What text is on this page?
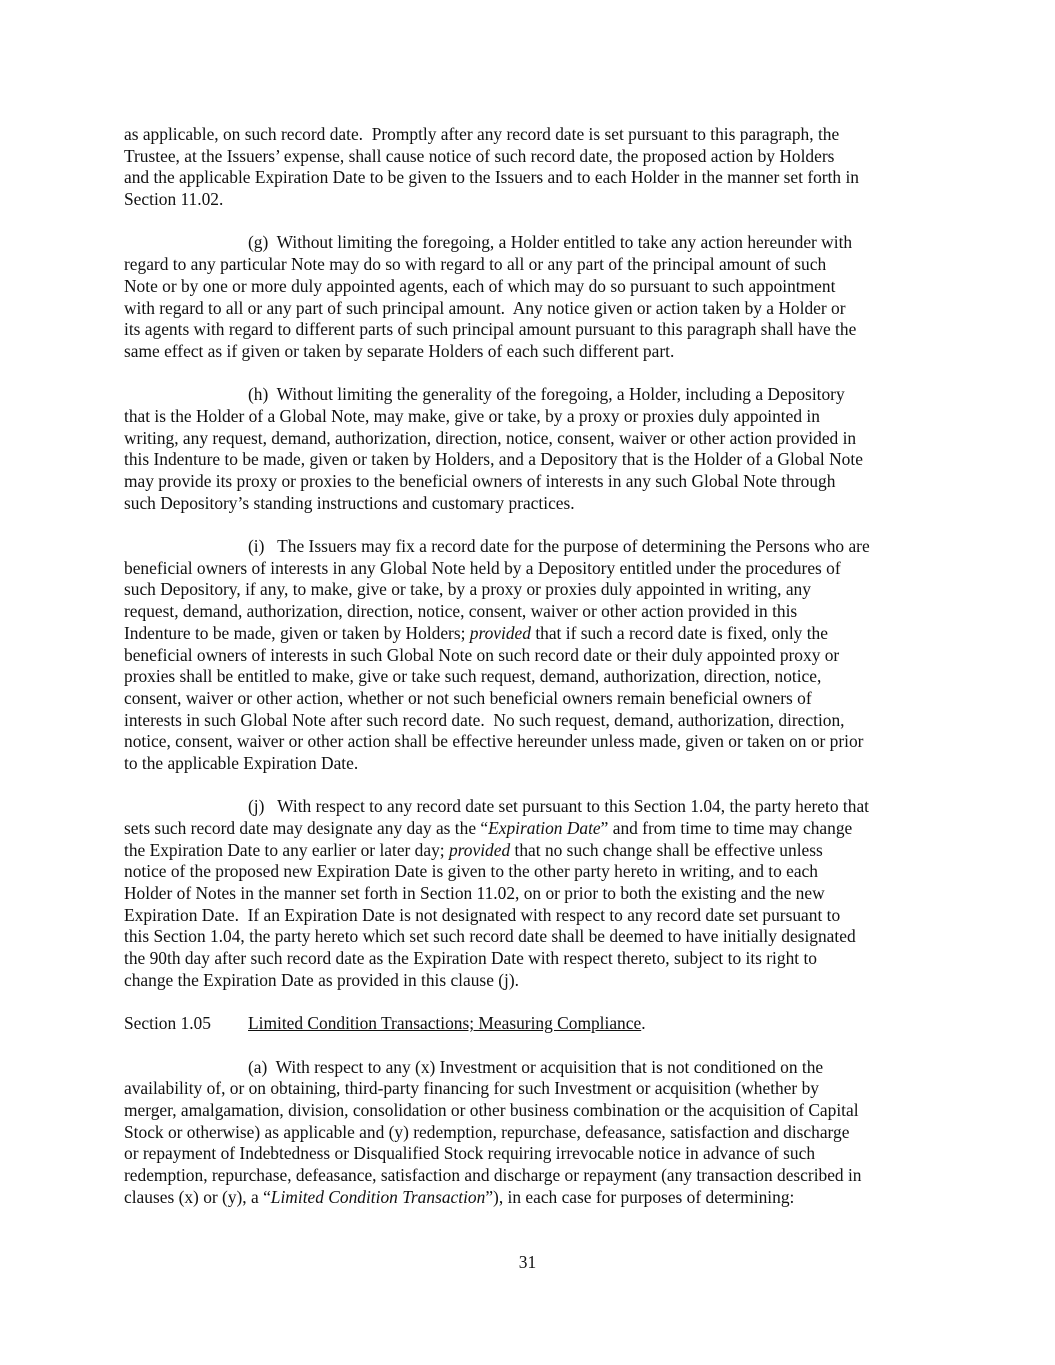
as applicable, on such record date.  Promptly after any record date is set pursuant to this paragraph, the
Trustee, at the Issuers’ expense, shall cause notice of such record date, the proposed action by Holders
and the applicable Expiration Date to be given to the Issuers and to each Holder in the manner set forth in
Section 11.02.
(g)  Without limiting the foregoing, a Holder entitled to take any action hereunder with
regard to any particular Note may do so with regard to all or any part of the principal amount of such
Note or by one or more duly appointed agents, each of which may do so pursuant to such appointment
with regard to all or any part of such principal amount.  Any notice given or action taken by a Holder or
its agents with regard to different parts of such principal amount pursuant to this paragraph shall have the
same effect as if given or taken by separate Holders of each such different part.
(h)  Without limiting the generality of the foregoing, a Holder, including a Depository
that is the Holder of a Global Note, may make, give or take, by a proxy or proxies duly appointed in
writing, any request, demand, authorization, direction, notice, consent, waiver or other action provided in
this Indenture to be made, given or taken by Holders, and a Depository that is the Holder of a Global Note
may provide its proxy or proxies to the beneficial owners of interests in any such Global Note through
such Depository’s standing instructions and customary practices.
(i)   The Issuers may fix a record date for the purpose of determining the Persons who are
beneficial owners of interests in any Global Note held by a Depository entitled under the procedures of
such Depository, if any, to make, give or take, by a proxy or proxies duly appointed in writing, any
request, demand, authorization, direction, notice, consent, waiver or other action provided in this
Indenture to be made, given or taken by Holders; provided that if such a record date is fixed, only the
beneficial owners of interests in such Global Note on such record date or their duly appointed proxy or
proxies shall be entitled to make, give or take such request, demand, authorization, direction, notice,
consent, waiver or other action, whether or not such beneficial owners remain beneficial owners of
interests in such Global Note after such record date.  No such request, demand, authorization, direction,
notice, consent, waiver or other action shall be effective hereunder unless made, given or taken on or prior
to the applicable Expiration Date.
(j)   With respect to any record date set pursuant to this Section 1.04, the party hereto that
sets such record date may designate any day as the “Expiration Date” and from time to time may change
the Expiration Date to any earlier or later day; provided that no such change shall be effective unless
notice of the proposed new Expiration Date is given to the other party hereto in writing, and to each
Holder of Notes in the manner set forth in Section 11.02, on or prior to both the existing and the new
Expiration Date.  If an Expiration Date is not designated with respect to any record date set pursuant to
this Section 1.04, the party hereto which set such record date shall be deemed to have initially designated
the 90th day after such record date as the Expiration Date with respect thereto, subject to its right to
change the Expiration Date as provided in this clause (j).
Section 1.05 Limited Condition Transactions; Measuring Compliance.
(a)  With respect to any (x) Investment or acquisition that is not conditioned on the
availability of, or on obtaining, third-party financing for such Investment or acquisition (whether by
merger, amalgamation, division, consolidation or other business combination or the acquisition of Capital
Stock or otherwise) as applicable and (y) redemption, repurchase, defeasance, satisfaction and discharge
or repayment of Indebtedness or Disqualified Stock requiring irrevocable notice in advance of such
redemption, repurchase, defeasance, satisfaction and discharge or repayment (any transaction described in
clauses (x) or (y), a “Limited Condition Transaction”), in each case for purposes of determining:
31
